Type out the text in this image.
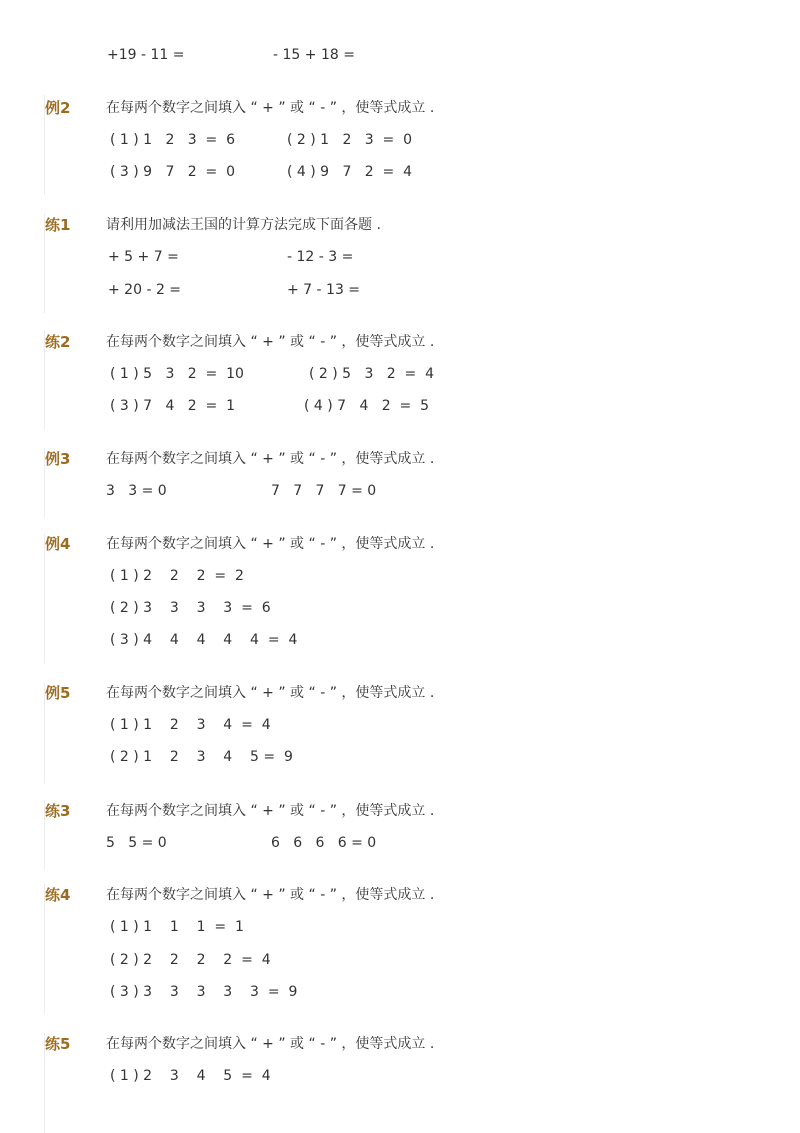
+19 - 11 =	- 15 + 18 =
例2	在每两个数字之间填入 “ + ” 或 “ - ” ，使等式成立 .
( 1 ) 1   2   3  =  6	( 2 ) 1   2   3  =  0
( 3 ) 9   7   2  =  0	( 4 ) 9   7   2  =  4
练1	请利用加减法王国的计算方法完成下面各题 .
+ 5 + 7 =	- 12 - 3 =
+ 20 - 2 =	+ 7 - 13 =
练2	在每两个数字之间填入 “ + ” 或 “ - ” ，使等式成立 .
( 1 ) 5   3   2  =  10	( 2 ) 5   3   2  =  4
( 3 ) 7   4   2  =  1	( 4 ) 7   4   2  =  5
例3	在每两个数字之间填入 “ + ” 或 “ - ” ，使等式成立 .
3   3 = 0	7   7   7   7 = 0
例4	在每两个数字之间填入 “ + ” 或 “ - ” ，使等式成立 .
( 1 ) 2    2    2  =  2
( 2 ) 3    3    3    3  =  6
( 3 ) 4    4    4    4    4  =  4
例5	在每两个数字之间填入 “ + ” 或 “ - ” ，使等式成立 .
( 1 ) 1    2    3    4  =  4
( 2 ) 1    2    3    4    5 =  9
练3	在每两个数字之间填入 “ + ” 或 “ - ” ，使等式成立 .
5   5 = 0	6   6   6   6 = 0
练4	在每两个数字之间填入 “ + ” 或 “ - ” ，使等式成立 .
( 1 ) 1    1    1  =  1
( 2 ) 2    2    2    2  =  4
( 3 ) 3    3    3    3    3  =  9
练5	在每两个数字之间填入 “ + ” 或 “ - ” ，使等式成立 .
( 1 ) 2    3    4    5  =  4
